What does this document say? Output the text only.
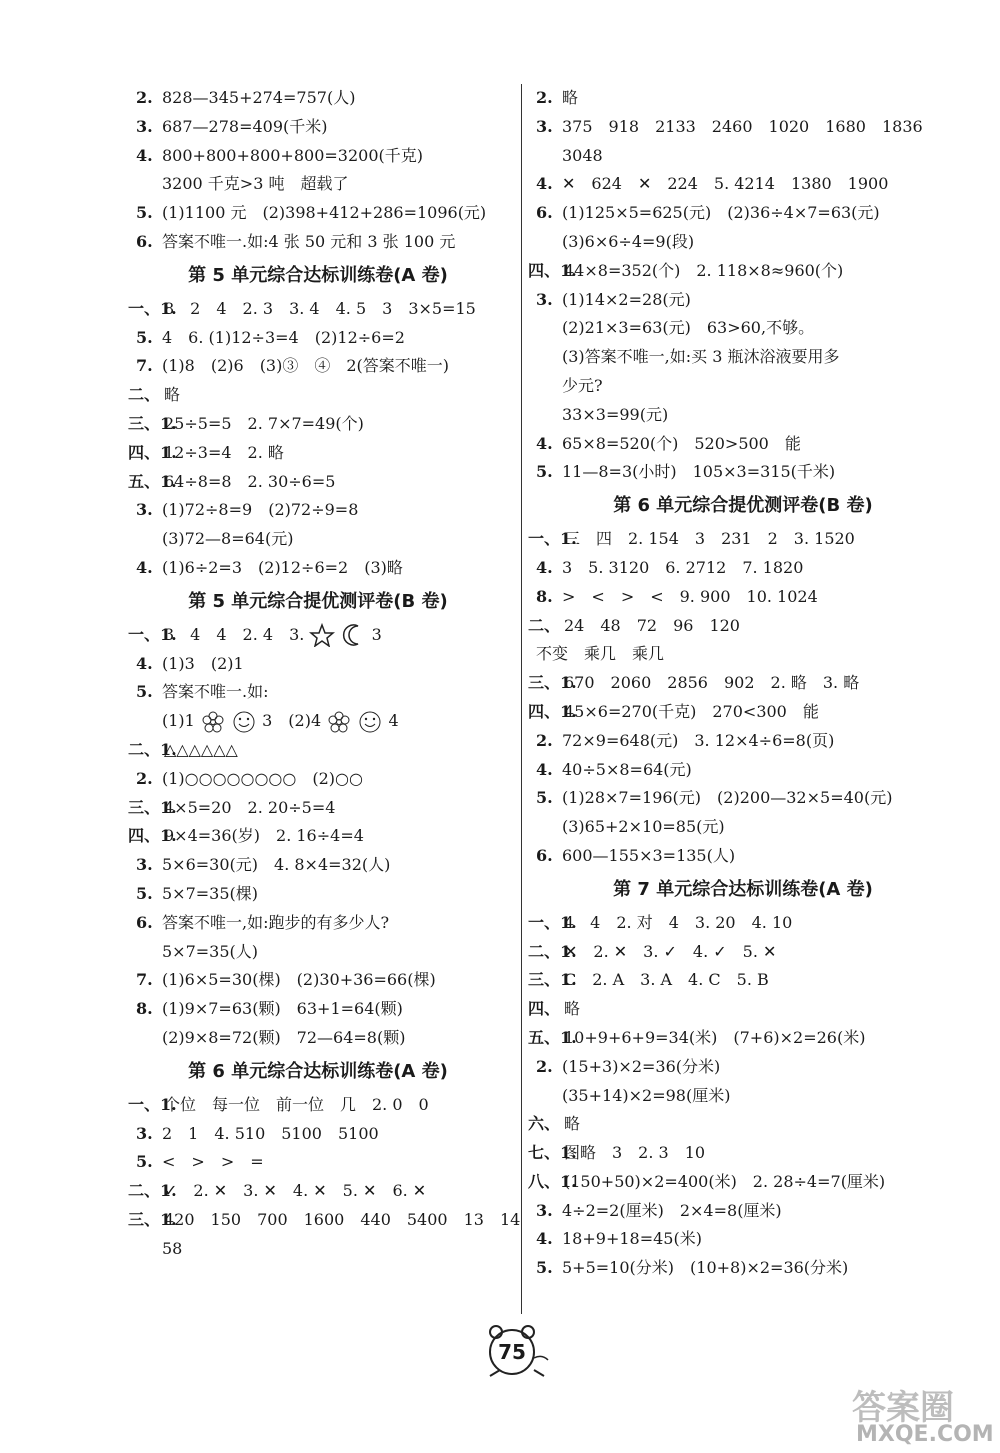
2. 828—345+274=757(人)
3. 687—278=409(千米)
4. 800+800+800+800=3200(千克)
3200 千克>3 吨　超载了
5. (1)1100 元　(2)398+412+286=1096(元)
6. 答案不唯一.如:4 张 50 元和 3 张 100 元
第 5 单元综合达标训练卷(A 卷)
一、1.8　2　4　2. 3　3. 4　4. 5　3　3×5=15
5. 4　6. (1)12÷3=4　(2)12÷6=2
7. (1)8　(2)6　(3)③　④　2(答案不唯一)
二、 略
三、1.25÷5=5　2. 7×7=49(个)
四、1.12÷3=4　2. 略
五、1.64÷8=8　2. 30÷6=5
3. (1)72÷8=9　(2)72÷9=8
(3)72—8=64(元)
4. (1)6÷2=3　(2)12÷6=2　(3)略
第 5 单元综合提优测评卷(B 卷)
一、1.3　4　4　2. 4　3.	3
4. (1)3　(2)1
5. 答案不唯一.如:
(1)1	3　(2)4	4
二、1.△△△△△△
2. (1)○○○○○○○○　(2)○○
三、1.4×5=20　2. 20÷5=4
四、1.9×4=36(岁)　2. 16÷4=4
3. 5×6=30(元)　4. 8×4=32(人)
5. 5×7=35(棵)
6. 答案不唯一,如:跑步的有多少人?
5×7=35(人)
7. (1)6×5=30(棵)　(2)30+36=66(棵)
8. (1)9×7=63(颗)　63+1=64(颗)
(2)9×8=72(颗)　72—64=8(颗)
第 6 单元综合达标训练卷(A 卷)
一、1.个位　每一位　前一位　几　2. 0　0
3. 2　1　4. 510　5100　5100
5. <　>　>　=
二、1.✓　2. ✕　3. ✕　4. ✕　5. ✕　6. ✕
三、1.420　150　700　1600　440　5400　13　14
58
2. 略
3. 375　918　2133　2460　1020　1680　1836
3048
4. ✕　624　✕　224　5. 4214　1380　1900
6. (1)125×5=625(元)　(2)36÷4×7=63(元)
(3)6×6÷4=9(段)
四、1.44×8=352(个)　2. 118×8≈960(个)
3. (1)14×2=28(元)
(2)21×3=63(元)　63>60,不够。
(3)答案不唯一,如:买 3 瓶沐浴液要用多
少元?
33×3=99(元)
4. 65×8=520(个)　520>500　能
5. 11—8=3(小时)　105×3=315(千米)
第 6 单元综合提优测评卷(B 卷)
一、1.三　四　2. 154　3　231　2　3. 1520
4. 3　5. 3120　6. 2712　7. 1820
8. >　<　>　<　9. 900　10. 1024
二、 24　48　72　96　120
不变　乘几　乘几
三、1.670　2060　2856　902　2. 略　3. 略
四、1.45×6=270(千克)　270<300　能
2. 72×9=648(元)　3. 12×4÷6=8(页)
4. 40÷5×8=64(元)
5. (1)28×7=196(元)　(2)200—32×5=40(元)
(3)65+2×10=85(元)
6. 600—155×3=135(人)
第 7 单元综合达标训练卷(A 卷)
一、1.4　4　2. 对　4　3. 20　4. 10
二、1.✕　2. ✕　3. ✓　4. ✓　5. ✕
三、1.C　2. A　3. A　4. C　5. B
四、 略
五、1.10+9+6+9=34(米)　(7+6)×2=26(米)
2. (15+3)×2=36(分米)
(35+14)×2=98(厘米)
六、 略
七、1.图略　3　2. 3　10
八、1.(150+50)×2=400(米)　2. 28÷4=7(厘米)
3. 4÷2=2(厘米)　2×4=8(厘米)
4. 18+9+18=45(米)
5. 5+5=10(分米)　(10+8)×2=36(分米)
75
答案圈
MXQE.COM
